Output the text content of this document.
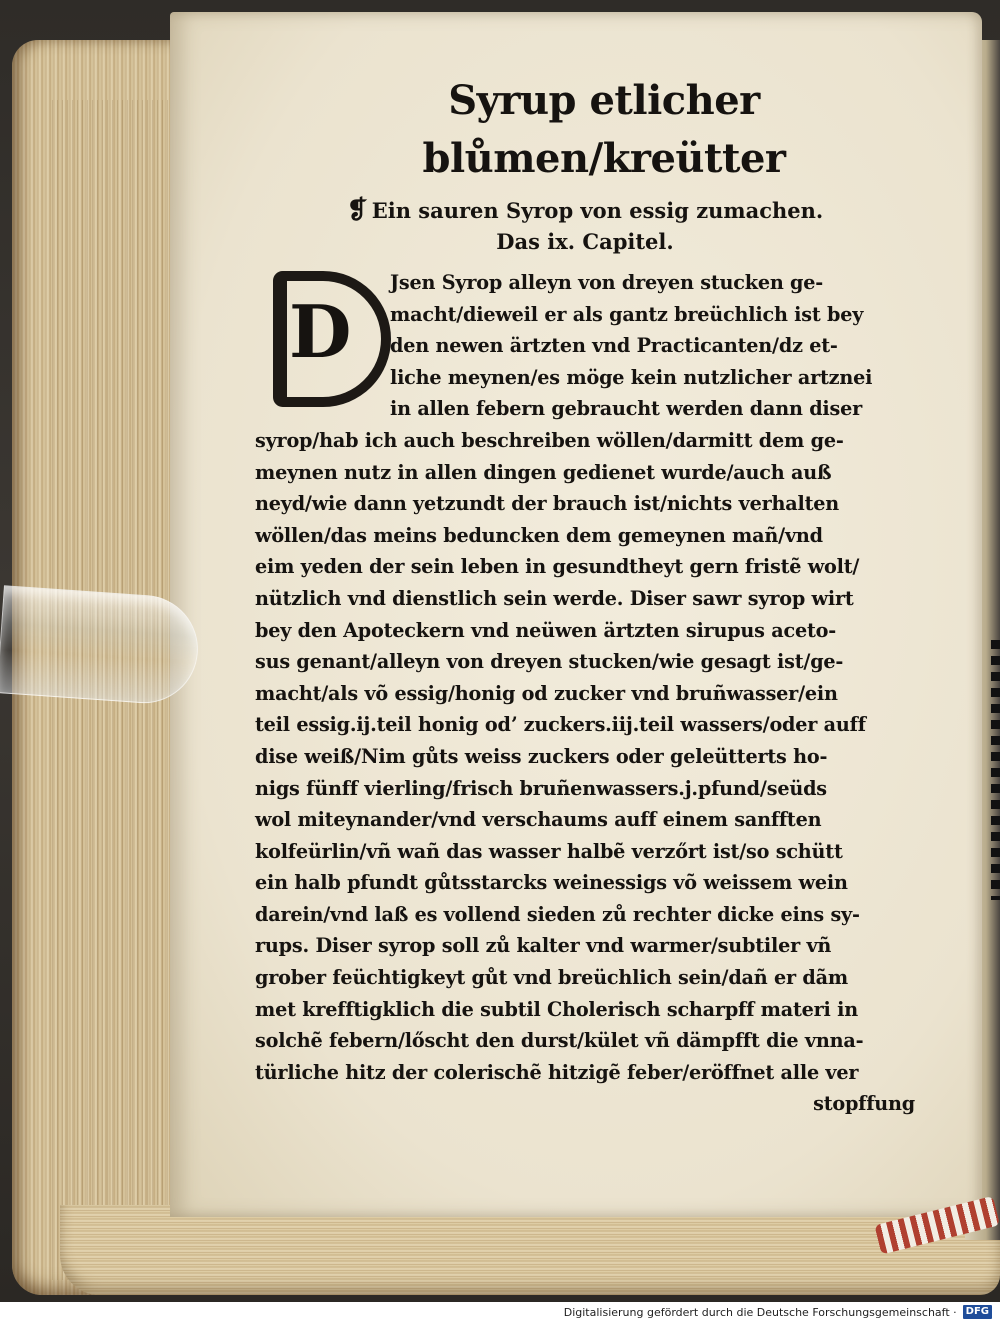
Syrup etlicher blůmen/kreütter
❡ Ein sauren Syrop von essig zumachen.
Das ix. Capitel.
D
Jsen Syrop alleyn von dreyen stucken ge-
macht/dieweil er als gantz breüchlich ist bey
den newen ärtzten vnd Practicanten/dz et-
liche meynen/es möge kein nutzlicher artznei
in allen febern gebraucht werden dann diser
syrop/hab ich auch beschreiben wöllen/darmitt dem ge-
meynen nutz in allen dingen gedienet wurde/auch auß
neyd/wie dann yetzundt der brauch ist/nichts verhalten
wöllen/das meins beduncken dem gemeynen mañ/vnd
eim yeden der sein leben in gesundtheyt gern fristẽ wolt/
nützlich vnd dienstlich sein werde. Diser sawr syrop wirt
bey den Apoteckern vnd neüwen ärtzten sirupus aceto-
sus genant/alleyn von dreyen stucken/wie gesagt ist/ge-
macht/als võ essig/honig od zucker vnd bruñwasser/ein
teil essig.ij.teil honig odʼ zuckers.iij.teil wassers/oder auff
dise weiß/Nim gůts weiss zuckers oder geleütterts ho-
nigs fünff vierling/frisch bruñenwassers.j.pfund/seüds
wol miteynander/vnd verschaums auff einem sanfften
kolfeürlin/vñ wañ das wasser halbẽ verzőrt ist/so schütt
ein halb pfundt gůtsstarcks weinessigs võ weissem wein
darein/vnd laß es vollend sieden zů rechter dicke eins sy-
rups. Diser syrop soll zů kalter vnd warmer/subtiler vñ
grober feüchtigkeyt gůt vnd breüchlich sein/dañ er dãm
met krefftigklich die subtil Cholerisch scharpff materi in
solchẽ febern/lőscht den durst/kület vñ dämpfft die vnna-
türliche hitz der colerischẽ hitzigẽ feber/eröffnet alle ver
stopffung
Digitalisierung gefördert durch die Deutsche Forschungsgemeinschaft · DFG
